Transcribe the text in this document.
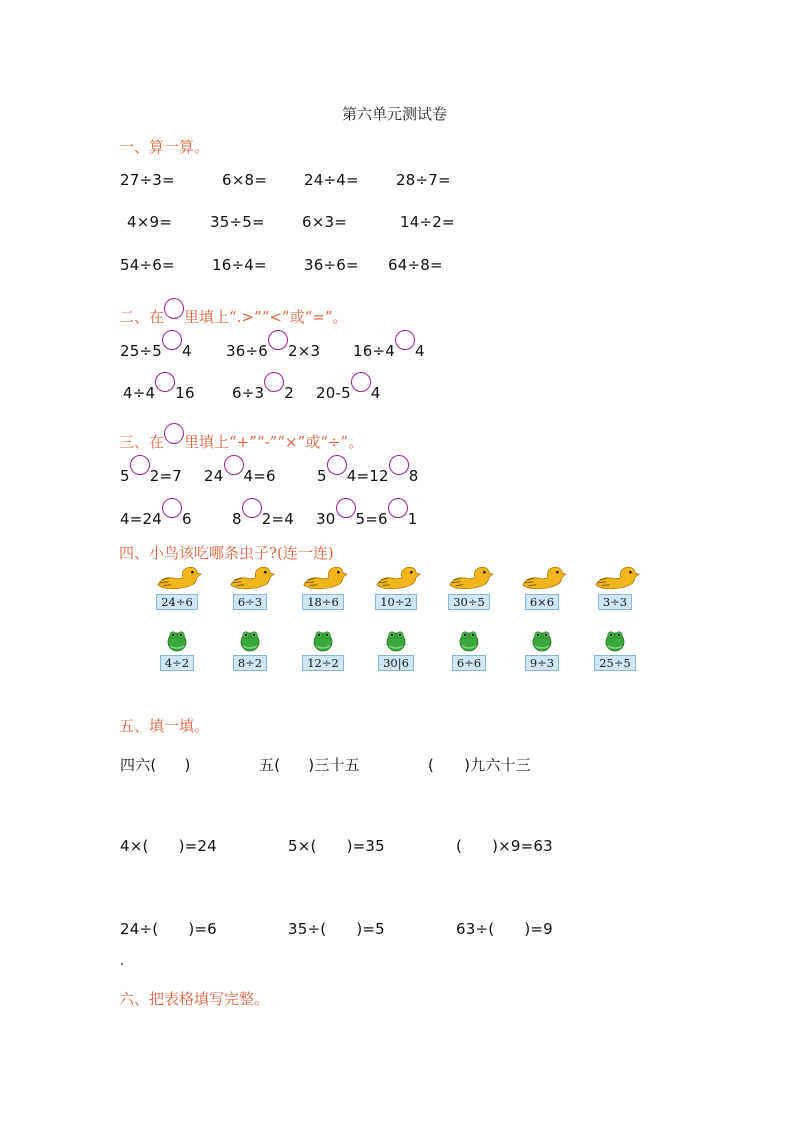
第六单元测试卷
一、算一算。
27÷3=	6×8= 24÷4= 28÷7=
4×9=	35÷5= 6×3=	14÷2=
54÷6= 16÷4= 36÷6= 64÷8=
二、在 里填上“.>”“<”或“=”。
25÷5 4 36÷6 2×3 16÷4 4
4÷4 16 6÷3 2 20-5 4
三、在 里填上“+”“-”“×”或“÷”。
5 2=7 24 4=6	5 4=12 8
4=24 6	8 2=4 30 5=6 1
四、小鸟该吃哪条虫子?(连一连)
24÷6	6÷3	18÷6	10÷2	30÷5	6×6	3÷3
4÷2	8÷2	12÷2	30|6	6÷6	9÷3	25÷5
五、填一填。
四六( )	五( )三十五	( )九六十三
4×( )=24	5×( )=35	( )×9=63
24÷( )=6	35÷( )=5	63÷( )=9
六、把表格填写完整。
